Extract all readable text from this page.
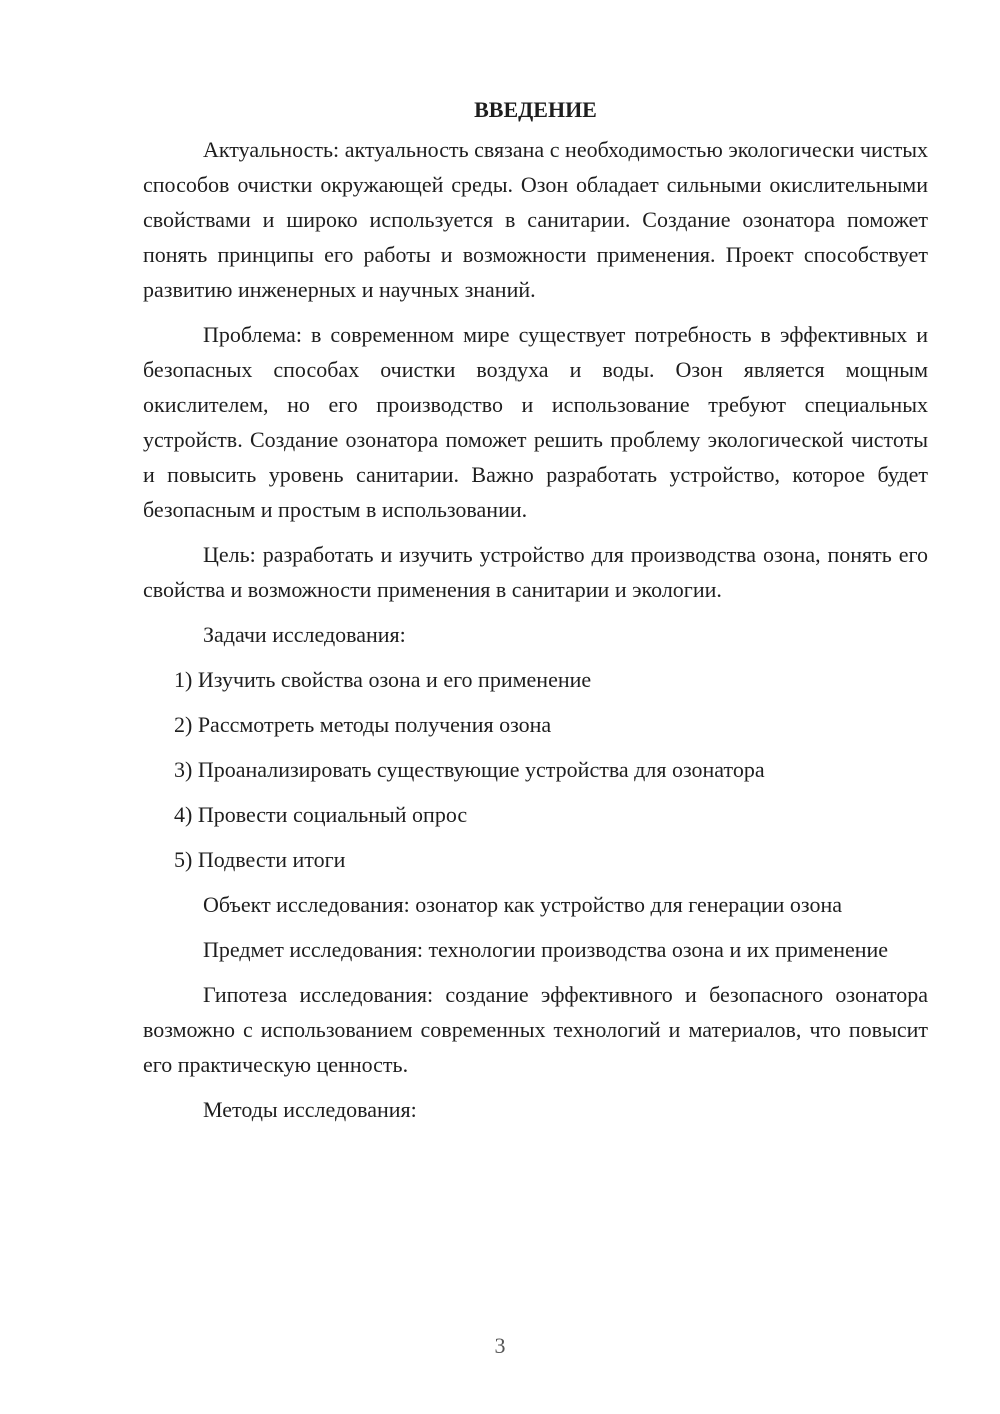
ВВЕДЕНИЕ

Актуальность: актуальность связана с необходимостью экологически чистых способов очистки окружающей среды. Озон обладает сильными окислительными свойствами и широко используется в санитарии. Создание озонатора поможет понять принципы его работы и возможности применения. Проект способствует развитию инженерных и научных знаний.

Проблема: в современном мире существует потребность в эффективных и безопасных способах очистки воздуха и воды. Озон является мощным окислителем, но его производство и использование требуют специальных устройств. Создание озонатора поможет решить проблему экологической чистоты и повысить уровень санитарии. Важно разработать устройство, которое будет безопасным и простым в использовании.

Цель: разработать и изучить устройство для производства озона, понять его свойства и возможности применения в санитарии и экологии.

Задачи исследования:

1) Изучить свойства озона и его применение

2) Рассмотреть методы получения озона

3) Проанализировать существующие устройства для озонатора

4) Провести социальный опрос

5) Подвести итоги

Объект исследования: озонатор как устройство для генерации озона

Предмет исследования: технологии производства озона и их применение

Гипотеза исследования: создание эффективного и безопасного озонатора возможно с использованием современных технологий и материалов, что повысит его практическую ценность.

Методы исследования:

3
